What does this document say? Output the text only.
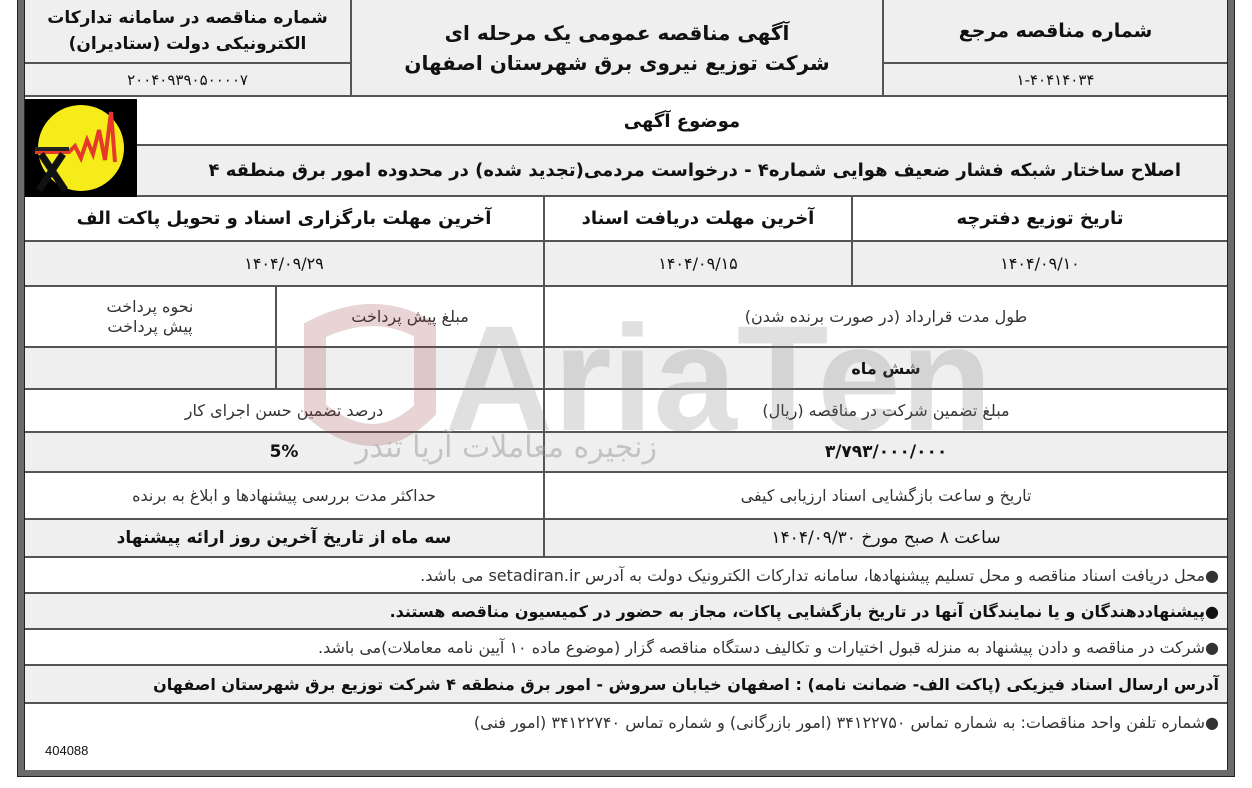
شماره مناقصه مرجع
۱-۴۰۴۱۴۰۳۴
آگهی مناقصه عمومی یک مرحله ای
شرکت توزیع نیروی برق شهرستان اصفهان
شماره مناقصه در سامانه تدارکات
الکترونیکی دولت (ستادیران)
۲۰۰۴۰۹۳۹۰۵۰۰۰۰۷
موضوع آگهی
اصلاح ساختار شبکه فشار ضعیف هوایی شماره۴ - درخواست مردمی(تجدید شده) در محدوده امور برق منطقه ۴
تاریخ توزیع دفترچه
آخرین مهلت دریافت اسناد
آخرین مهلت بارگزاری اسناد و تحویل پاکت الف
۱۴۰۴/۰۹/۱۰
۱۴۰۴/۰۹/۱۵
۱۴۰۴/۰۹/۲۹
طول مدت قرارداد (در صورت برنده شدن)
مبلغ پیش پرداخت
نحوه پرداخت
پیش پرداخت
شش ماه
مبلغ تضمین شرکت در مناقصه (ریال)
درصد تضمین حسن اجرای کار
۳/۷۹۳/۰۰۰/۰۰۰
5%
تاریخ و ساعت بازگشایی اسناد ارزیابی کیفی
حداکثر مدت بررسی پیشنهادها و ابلاغ به برنده
ساعت ۸ صبح مورخ ۱۴۰۴/۰۹/۳۰
سه ماه از تاریخ آخرین روز ارائه پیشنهاد
●محل دریافت اسناد مناقصه و محل تسلیم پیشنهادها، سامانه تدارکات الکترونیک دولت به آدرس setadiran.ir می باشد.
●پیشنهاددهندگان و یا نمایندگان آنها در تاریخ بازگشایی پاکات، مجاز به حضور در کمیسیون مناقصه هستند.
●شرکت در مناقصه و دادن پیشنهاد به منزله قبول اختیارات و تکالیف دستگاه مناقصه گزار (موضوع ماده ۱۰ آیین نامه معاملات)می باشد.
آدرس ارسال اسناد فیزیکی (پاکت الف- ضمانت نامه) : اصفهان خیابان سروش - امور برق منطقه ۴ شرکت توزیع برق شهرستان اصفهان
●شماره تلفن واحد مناقصات: به شماره تماس ۳۴۱۲۲۷۵۰ (امور بازرگانی) و شماره تماس ۳۴۱۲۲۷۴۰ (امور فنی)
404088
AriaTen
زنجیره معاملات آریا تندر
